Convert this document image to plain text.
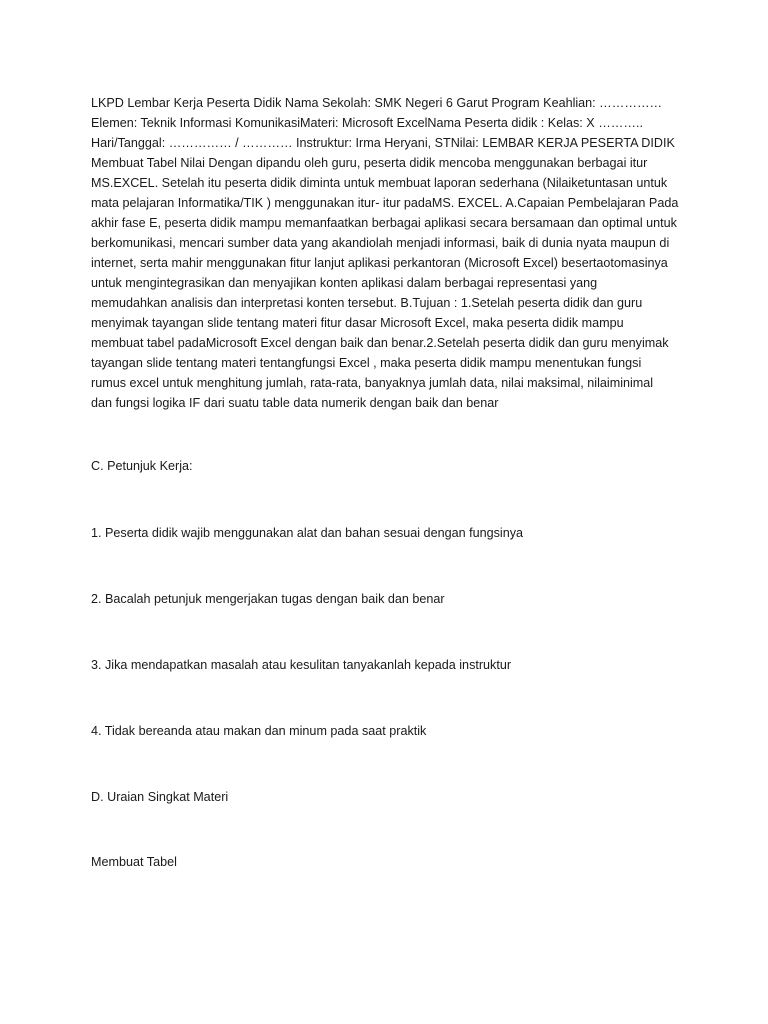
LKPD Lembar Kerja Peserta Didik Nama Sekolah: SMK Negeri 6 Garut Program Keahlian: ……………
Elemen: Teknik Informasi KomunikasiMateri: Microsoft ExcelNama Peserta didik : Kelas: X ………..
Hari/Tanggal: …………… / ………… Instruktur: Irma Heryani, STNilai: LEMBAR KERJA PESERTA DIDIK
Membuat Tabel Nilai Dengan dipandu oleh guru, peserta didik mencoba menggunakan berbagai itur
MS.EXCEL. Setelah itu peserta didik diminta untuk membuat laporan sederhana (Nilaiketuntasan untuk
mata pelajaran Informatika/TIK ) menggunakan itur- itur padaMS. EXCEL. A.Capaian Pembelajaran Pada
akhir fase E, peserta didik mampu memanfaatkan berbagai aplikasi secara bersamaan dan optimal untuk
berkomunikasi, mencari sumber data yang akandiolah menjadi informasi, baik di dunia nyata maupun di
internet, serta mahir menggunakan fitur lanjut aplikasi perkantoran (Microsoft Excel) besertaotomasinya
untuk mengintegrasikan dan menyajikan konten aplikasi dalam berbagai representasi yang
memudahkan analisis dan interpretasi konten tersebut. B.Tujuan : 1.Setelah peserta didik dan guru
menyimak tayangan slide tentang materi fitur dasar Microsoft Excel, maka peserta didik mampu
membuat tabel padaMicrosoft Excel dengan baik dan benar.2.Setelah peserta didik dan guru menyimak
tayangan slide tentang materi tentangfungsi Excel , maka peserta didik mampu menentukan fungsi
rumus excel untuk menghitung jumlah, rata-rata, banyaknya jumlah data, nilai maksimal, nilaiminimal
dan fungsi logika IF dari suatu table data numerik dengan baik dan benar

C. Petunjuk Kerja:

1. Peserta didik wajib menggunakan alat dan bahan sesuai dengan fungsinya

2. Bacalah petunjuk mengerjakan tugas dengan baik dan benar

3. Jika mendapatkan masalah atau kesulitan tanyakanlah kepada instruktur

4. Tidak bereanda atau makan dan minum pada saat praktik

D. Uraian Singkat Materi

Membuat Tabel
